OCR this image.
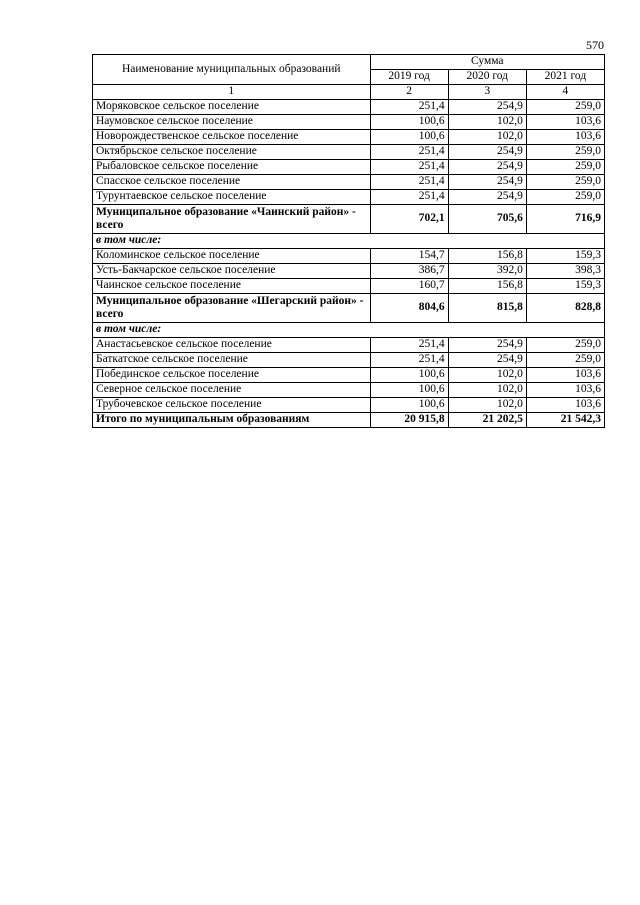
570
Наименование муниципальных образований	Сумма		
	2019 год	2020 год	2021 год
1	2	3	4
Моряковское сельское поселение	251,4	254,9	259,0
Наумовское сельское поселение	100,6	102,0	103,6
Новорождественское сельское поселение	100,6	102,0	103,6
Октябрьское сельское поселение	251,4	254,9	259,0
Рыбаловское сельское поселение	251,4	254,9	259,0
Спасское сельское поселение	251,4	254,9	259,0
Турунтаевское сельское поселение	251,4	254,9	259,0
Муниципальное образование «Чаинский район» - всего	702,1	705,6	716,9
в том числе:			
Коломинское сельское поселение	154,7	156,8	159,3
Усть-Бакчарское сельское поселение	386,7	392,0	398,3
Чаинское сельское поселение	160,7	156,8	159,3
Муниципальное образование «Шегарский район» - всего	804,6	815,8	828,8
в том числе:			
Анастасьевское сельское поселение	251,4	254,9	259,0
Баткатское сельское поселение	251,4	254,9	259,0
Побединское сельское поселение	100,6	102,0	103,6
Северное сельское поселение	100,6	102,0	103,6
Трубочевское сельское поселение	100,6	102,0	103,6
Итого по муниципальным образованиям	20 915,8	21 202,5	21 542,3
